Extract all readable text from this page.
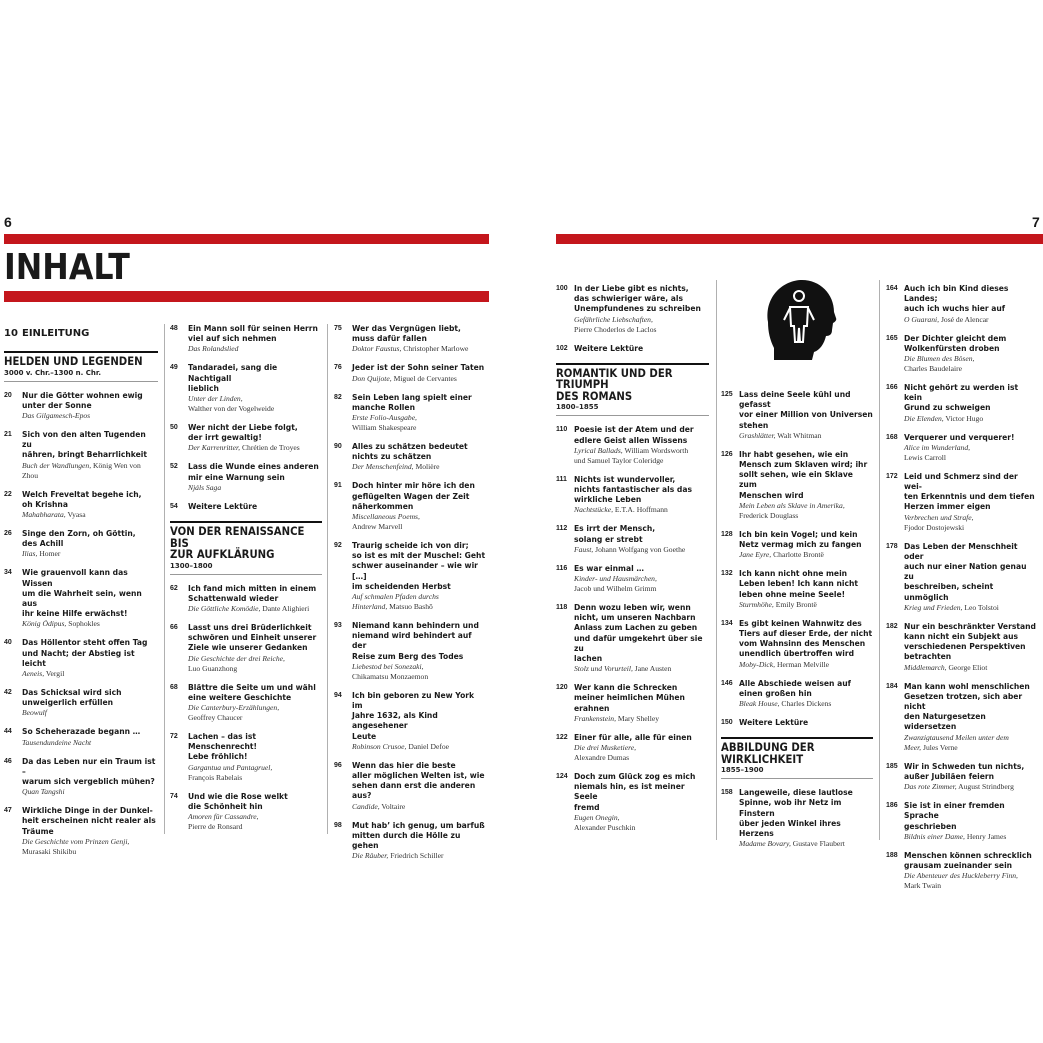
6	7
INHALT
10 EINLEITUNG
HELDEN UND LEGENDEN
3000 v. Chr.–1300 n. Chr.
20	Nur die Götter wohnen ewig
unter der Sonne
Das Gilgamesch-Epos
21	Sich von den alten Tugenden zu
nähren, bringt Beharrlichkeit
Buch der Wandlungen, König Wen von Zhou
22	Welch Freveltat begehe ich,
oh Krishna
Mahabharata, Vyasa
26	Singe den Zorn, oh Göttin,
des Achill
Ilias, Homer
34	Wie grauenvoll kann das Wissen
um die Wahrheit sein, wenn aus
ihr keine Hilfe erwächst!
König Ödipus, Sophokles
40	Das Höllentor steht offen Tag
und Nacht; der Abstieg ist leicht
Aeneis, Vergil
42	Das Schicksal wird sich
unweigerlich erfüllen
Beowulf
44	So Scheherazade begann …
Tausendundeine Nacht
46	Da das Leben nur ein Traum ist –
warum sich vergeblich mühen?
Quan Tangshi
47	Wirkliche Dinge in der Dunkel-
heit erscheinen nicht realer als
Träume
Die Geschichte vom Prinzen Genji,
Murasaki Shikibu
48	Ein Mann soll für seinen Herrn
viel auf sich nehmen
Das Rolandslied
49	Tandaradei, sang die Nachtigall
lieblich
Unter der Linden,
Walther von der Vogelweide
50	Wer nicht der Liebe folgt,
der irrt gewaltig!
Der Karrenritter, Chrétien de Troyes
52	Lass die Wunde eines anderen
mir eine Warnung sein
Njáls Saga
54	Weitere Lektüre
VON DER RENAISSANCE BIS
ZUR AUFKLÄRUNG
1300–1800
62	Ich fand mich mitten in einem
Schattenwald wieder
Die Göttliche Komödie, Dante Alighieri
66	Lasst uns drei Brüderlichkeit
schwören und Einheit unserer
Ziele wie unserer Gedanken
Die Geschichte der drei Reiche,
Luo Guanzhong
68	Blättre die Seite um und wähl
eine weitere Geschichte
Die Canterbury-Erzählungen,
Geoffrey Chaucer
72	Lachen – das ist Menschenrecht!
Lebe fröhlich!
Gargantua und Pantagruel,
François Rabelais
74	Und wie die Rose welkt
die Schönheit hin
Amoren für Cassandre,
Pierre de Ronsard
75	Wer das Vergnügen liebt,
muss dafür fallen
Doktor Faustus, Christopher Marlowe
76	Jeder ist der Sohn seiner Taten
Don Quijote, Miguel de Cervantes
82	Sein Leben lang spielt einer
manche Rollen
Erste Folio-Ausgabe,
William Shakespeare
90	Alles zu schätzen bedeutet
nichts zu schätzen
Der Menschenfeind, Molière
91	Doch hinter mir höre ich den
geflügelten Wagen der Zeit
näherkommen
Miscellaneous Poems,
Andrew Marvell
92	Traurig scheide ich von dir;
so ist es mit der Muschel: Geht
schwer auseinander – wie wir […]
im scheidenden Herbst
Auf schmalen Pfaden durchs
Hinterland, Matsuo Bashō
93	Niemand kann behindern und
niemand wird behindert auf der
Reise zum Berg des Todes
Liebestod bei Sonezaki,
Chikamatsu Monzaemon
94	Ich bin geboren zu New York im
Jahre 1632, als Kind angesehener
Leute
Robinson Crusoe, Daniel Defoe
96	Wenn das hier die beste
aller möglichen Welten ist, wie
sehen dann erst die anderen aus?
Candide, Voltaire
98	Mut hab’ ich genug, um barfuß
mitten durch die Hölle zu gehen
Die Räuber, Friedrich Schiller
100 In der Liebe gibt es nichts,
das schwieriger wäre, als
Unempfundenes zu schreiben
Gefährliche Liebschaften,
Pierre Choderlos de Laclos
102 Weitere Lektüre
ROMANTIK UND DER TRIUMPH
DES ROMANS
1800–1855
110 Poesie ist der Atem und der
edlere Geist allen Wissens
Lyrical Ballads, William Wordsworth
und Samuel Taylor Coleridge
111 Nichts ist wundervoller,
nichts fantastischer als das
wirkliche Leben
Nachtstücke, E.T.A. Hoffmann
112 Es irrt der Mensch,
solang er strebt
Faust, Johann Wolfgang von Goethe
116 Es war einmal …
Kinder- und Hausmärchen,
Jacob und Wilhelm Grimm
118 Denn wozu leben wir, wenn
nicht, um unseren Nachbarn
Anlass zum Lachen zu geben
und dafür umgekehrt über sie zu
lachen
Stolz und Vorurteil, Jane Austen
120 Wer kann die Schrecken
meiner heimlichen Mühen
erahnen
Frankenstein, Mary Shelley
122 Einer für alle, alle für einen
Die drei Musketiere,
Alexandre Dumas
124 Doch zum Glück zog es mich
niemals hin, es ist meiner Seele
fremd
Eugen Onegin,
Alexander Puschkin
125 Lass deine Seele kühl und gefasst
vor einer Million von Universen
stehen
Grashlätter, Walt Whitman
126 Ihr habt gesehen, wie ein
Mensch zum Sklaven wird; ihr
sollt sehen, wie ein Sklave zum
Menschen wird
Mein Leben als Sklave in Amerika,
Frederick Douglass
128 Ich bin kein Vogel; und kein
Netz vermag mich zu fangen
Jane Eyre, Charlotte Brontë
132 Ich kann nicht ohne mein
Leben leben! Ich kann nicht
leben ohne meine Seele!
Sturmhöhe, Emily Brontë
134 Es gibt keinen Wahnwitz des
Tiers auf dieser Erde, der nicht
vom Wahnsinn des Menschen
unendlich übertroffen wird
Moby-Dick, Herman Melville
146 Alle Abschiede weisen auf
einen großen hin
Bleak House, Charles Dickens
150 Weitere Lektüre
ABBILDUNG DER
WIRKLICHKEIT
1855–1900
158 Langeweile, diese lautlose
Spinne, wob ihr Netz im Finstern
über jeden Winkel ihres Herzens
Madame Bovary, Gustave Flaubert
164 Auch ich bin Kind dieses Landes;
auch ich wuchs hier auf
O Guarani, José de Alencar
165 Der Dichter gleicht dem
Wolkenfürsten droben
Die Blumen des Bösen,
Charles Baudelaire
166 Nicht gehört zu werden ist kein
Grund zu schweigen
Die Elenden, Victor Hugo
168 Verquerer und verquerer!
Alice im Wunderland,
Lewis Carroll
172 Leid und Schmerz sind der wei-
ten Erkenntnis und dem tiefen
Herzen immer eigen
Verbrechen und Strafe,
Fjodor Dostojewski
178 Das Leben der Menschheit oder
auch nur einer Nation genau zu
beschreiben, scheint unmöglich
Krieg und Frieden, Leo Tolstoi
182 Nur ein beschränkter Verstand
kann nicht ein Subjekt aus
verschiedenen Perspektiven
betrachten
Middlemarch, George Eliot
184 Man kann wohl menschlichen
Gesetzen trotzen, sich aber nicht
den Naturgesetzen widersetzen
Zwanzigtausend Meilen unter dem
Meer, Jules Verne
185 Wir in Schweden tun nichts,
außer Jubiläen feiern
Das rote Zimmer, August Strindberg
186 Sie ist in einer fremden Sprache
geschrieben
Bildnis einer Dame, Henry James
188 Menschen können schrecklich
grausam zueinander sein
Die Abenteuer des Huckleberry Finn,
Mark Twain
